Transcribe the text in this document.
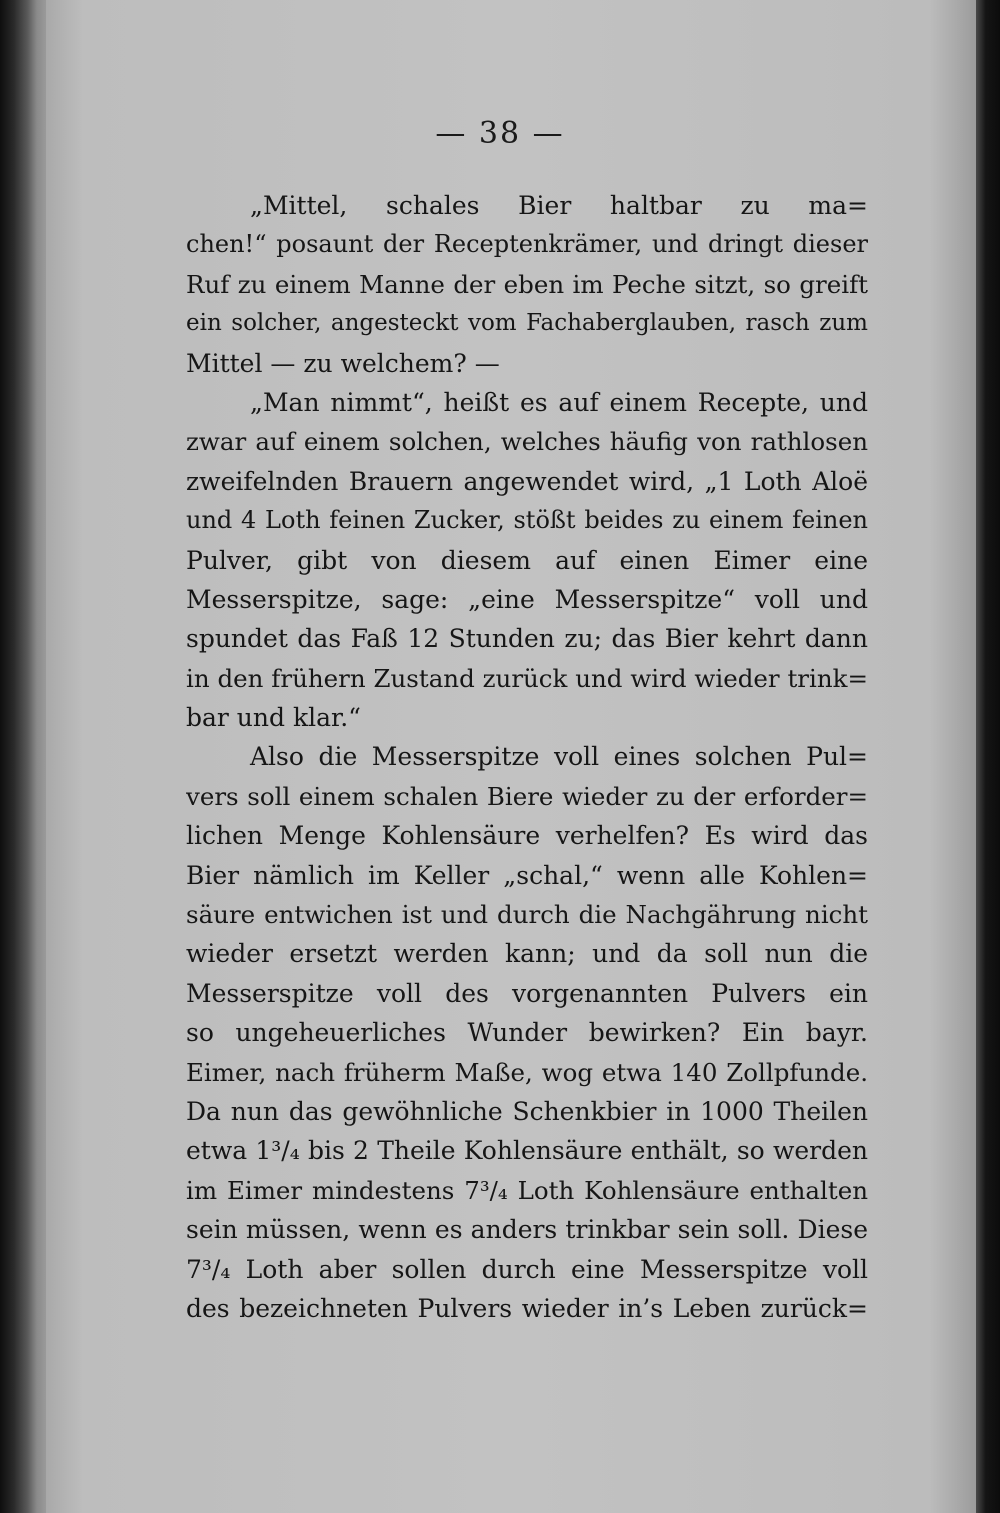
— 38 —
„Mittel, schales Bier haltbar zu ma=
chen!“ posaunt der Receptenkrämer, und dringt dieser
Ruf zu einem Manne der eben im Peche sitzt, so greift
ein solcher, angesteckt vom Fachaberglauben, rasch zum
Mittel — zu welchem? —
„Man nimmt“, heißt es auf einem Recepte, und
zwar auf einem solchen, welches häufig von rathlosen
zweifelnden Brauern angewendet wird, „1 Loth Aloë
und 4 Loth feinen Zucker, stößt beides zu einem feinen
Pulver, gibt von diesem auf einen Eimer eine
Messerspitze, sage: „eine Messerspitze“ voll und
spundet das Faß 12 Stunden zu; das Bier kehrt dann
in den frühern Zustand zurück und wird wieder trink=
bar und klar.“
Also die Messerspitze voll eines solchen Pul=
vers soll einem schalen Biere wieder zu der erforder=
lichen Menge Kohlensäure verhelfen? Es wird das
Bier nämlich im Keller „schal,“ wenn alle Kohlen=
säure entwichen ist und durch die Nachgährung nicht
wieder ersetzt werden kann; und da soll nun die
Messerspitze voll des vorgenannten Pulvers ein
so ungeheuerliches Wunder bewirken? Ein bayr.
Eimer, nach früherm Maße, wog etwa 140 Zollpfunde.
Da nun das gewöhnliche Schenkbier in 1000 Theilen
etwa 1³/₄ bis 2 Theile Kohlensäure enthält, so werden
im Eimer mindestens 7³/₄ Loth Kohlensäure enthalten
sein müssen, wenn es anders trinkbar sein soll. Diese
7³/₄ Loth aber sollen durch eine Messerspitze voll
des bezeichneten Pulvers wieder in’s Leben zurück=
